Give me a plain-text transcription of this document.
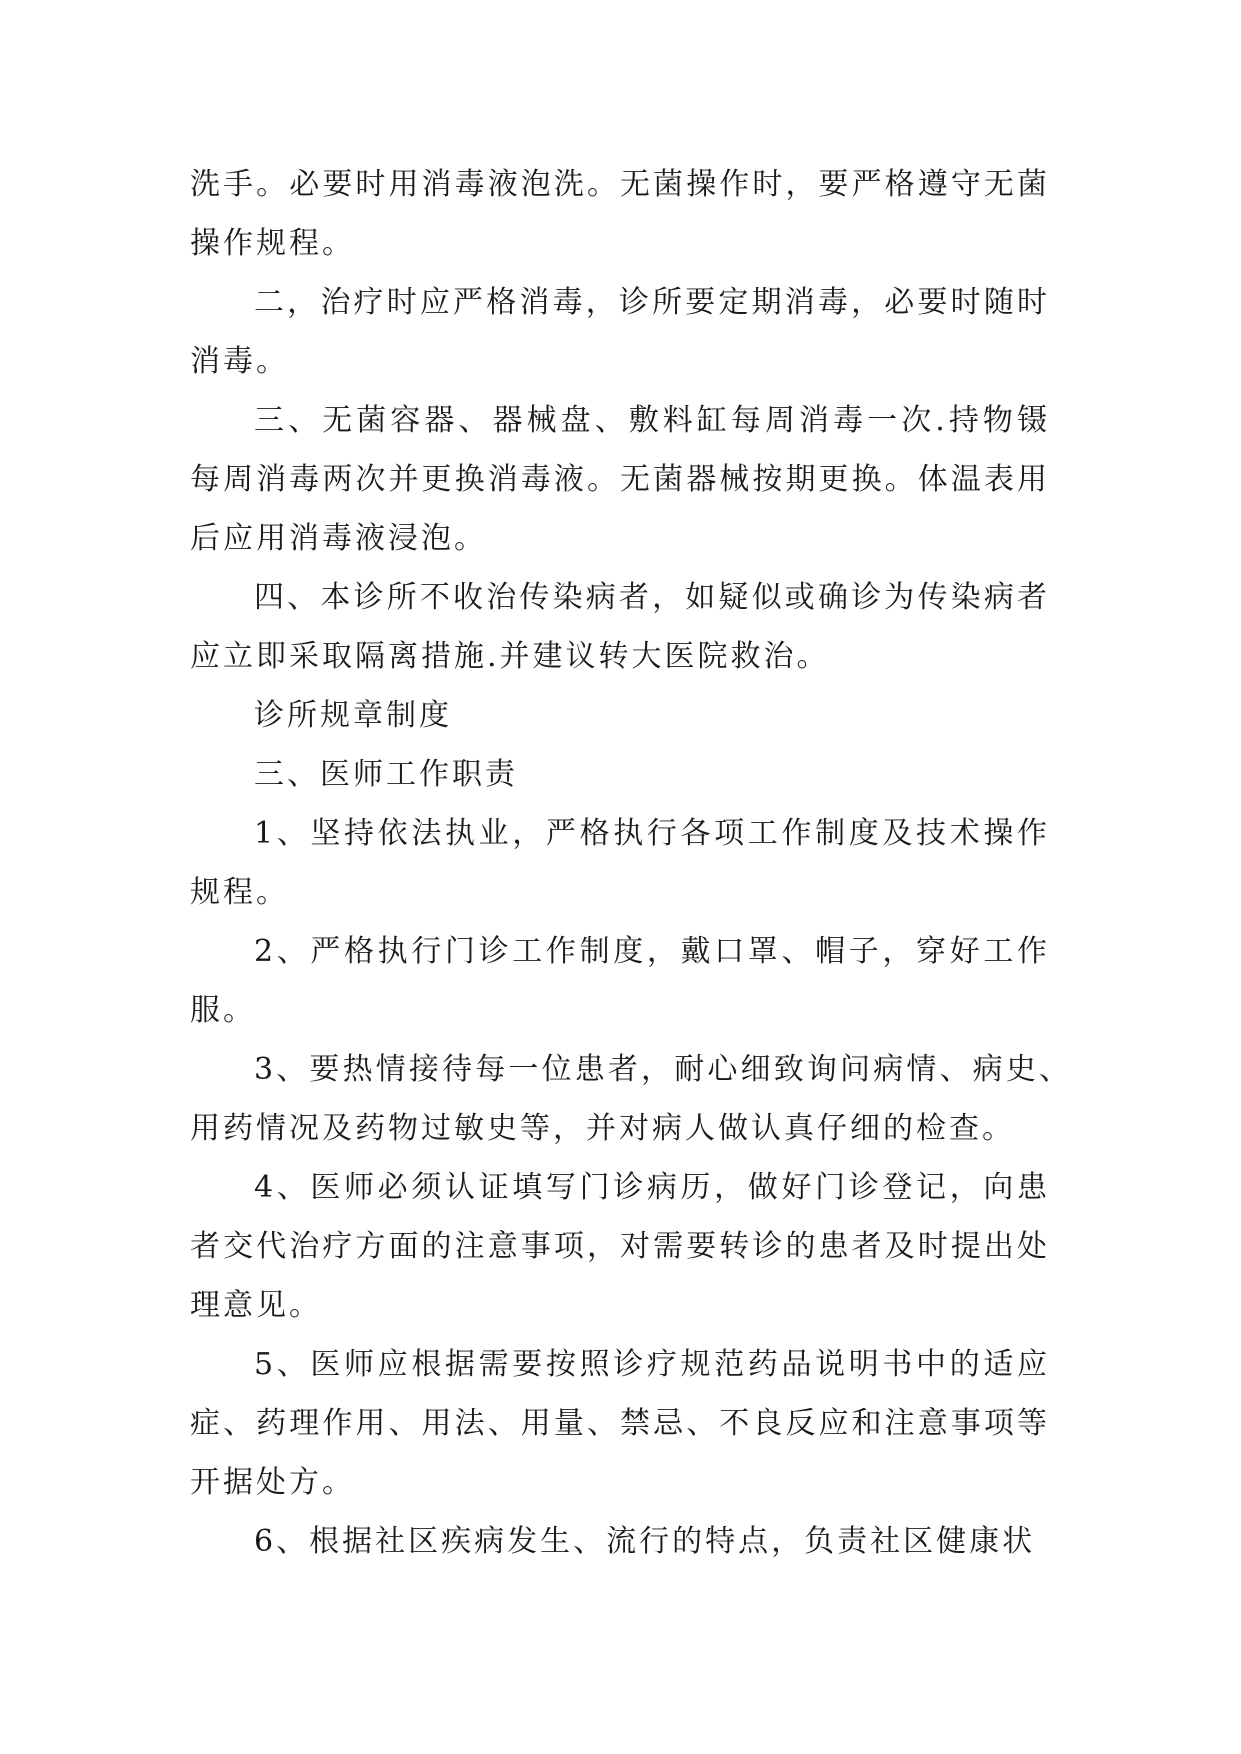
洗手。必要时用消毒液泡洗。无菌操作时，要严格遵守无菌操作规程。

二，治疗时应严格消毒，诊所要定期消毒，必要时随时消毒。

三、无菌容器、器械盘、敷料缸每周消毒一次.持物镊每周消毒两次并更换消毒液。无菌器械按期更换。体温表用后应用消毒液浸泡。

四、本诊所不收治传染病者，如疑似或确诊为传染病者应立即采取隔离措施.并建议转大医院救治。

诊所规章制度

三、医师工作职责

1、坚持依法执业，严格执行各项工作制度及技术操作规程。

2、严格执行门诊工作制度，戴口罩、帽子，穿好工作服。

3、要热情接待每一位患者，耐心细致询问病情、病史、用药情况及药物过敏史等，并对病人做认真仔细的检查。

4、医师必须认证填写门诊病历，做好门诊登记，向患者交代治疗方面的注意事项，对需要转诊的患者及时提出处理意见。

5、医师应根据需要按照诊疗规范药品说明书中的适应症、药理作用、用法、用量、禁忌、不良反应和注意事项等开据处方。

6、根据社区疾病发生、流行的特点，负责社区健康状
